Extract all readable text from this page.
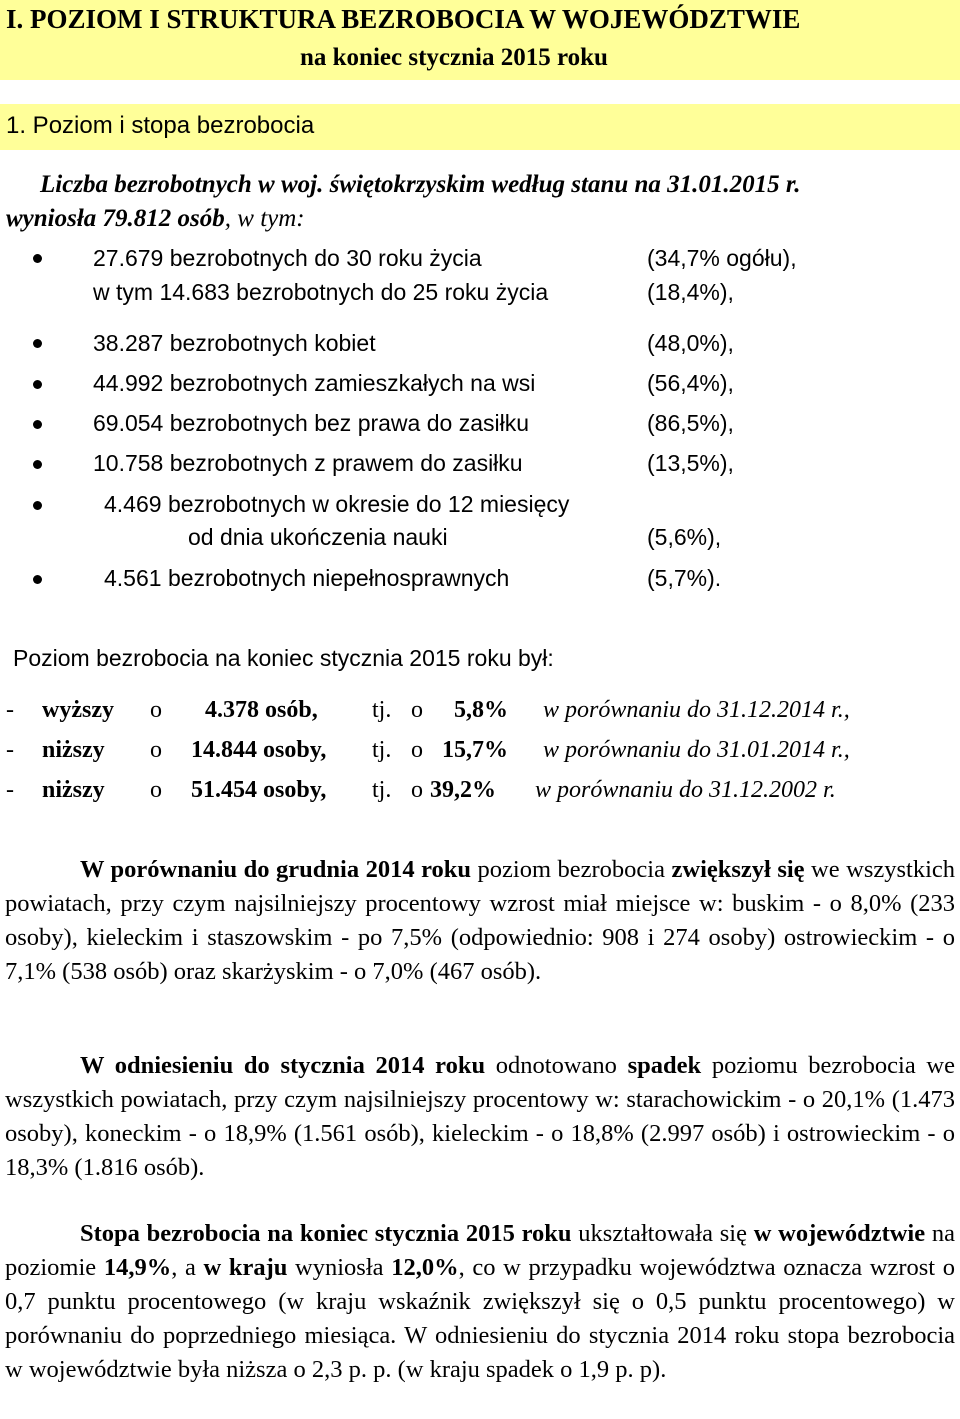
I. POZIOM I STRUKTURA BEZROBOCIA W WOJEWÓDZTWIE
na koniec stycznia 2015 roku
1. Poziom i stopa bezrobocia
Liczba bezrobotnych w woj. świętokrzyskim według stanu na 31.01.2015 r.
wyniosła 79.812 osób, w tym:
27.679 bezrobotnych do 30 roku życia	(34,7% ogółu),
w tym 14.683 bezrobotnych do 25 roku życia	(18,4%),
38.287 bezrobotnych kobiet	(48,0%),
44.992 bezrobotnych zamieszkałych na wsi	(56,4%),
69.054 bezrobotnych bez prawa do zasiłku	(86,5%),
10.758 bezrobotnych z prawem do zasiłku	(13,5%),
4.469 bezrobotnych w okresie do 12 miesięcy
od dnia ukończenia nauki	(5,6%),
4.561 bezrobotnych niepełnosprawnych	(5,7%).
Poziom bezrobocia na koniec stycznia 2015 roku był:
- wyższy o 4.378 osób, tj. o 5,8% w porównaniu do 31.12.2014 r.,
- niższy o 14.844 osoby, tj. o 15,7% w porównaniu do 31.01.2014 r.,
- niższy o 51.454 osoby, tj. o 39,2% w porównaniu do 31.12.2002 r.
W porównaniu do grudnia 2014 roku poziom bezrobocia zwiększył się we wszystkich powiatach, przy czym najsilniejszy procentowy wzrost miał miejsce w: buskim - o 8,0% (233 osoby), kieleckim i staszowskim - po 7,5% (odpowiednio: 908 i 274 osoby) ostrowieckim - o 7,1% (538 osób) oraz skarżyskim - o 7,0% (467 osób).
W odniesieniu do stycznia 2014 roku odnotowano spadek poziomu bezrobocia we wszystkich powiatach, przy czym najsilniejszy procentowy w: starachowickim - o 20,1% (1.473 osoby), koneckim - o 18,9% (1.561 osób), kieleckim - o 18,8% (2.997 osób) i ostrowieckim - o 18,3% (1.816 osób).
Stopa bezrobocia na koniec stycznia 2015 roku ukształtowała się w województwie na poziomie 14,9%, a w kraju wyniosła 12,0%, co w przypadku województwa oznacza wzrost o 0,7 punktu procentowego (w kraju wskaźnik zwiększył się o 0,5 punktu procentowego) w porównaniu do poprzedniego miesiąca. W odniesieniu do stycznia 2014 roku stopa bezrobocia w województwie była niższa o 2,3 p. p. (w kraju spadek o 1,9 p. p).
